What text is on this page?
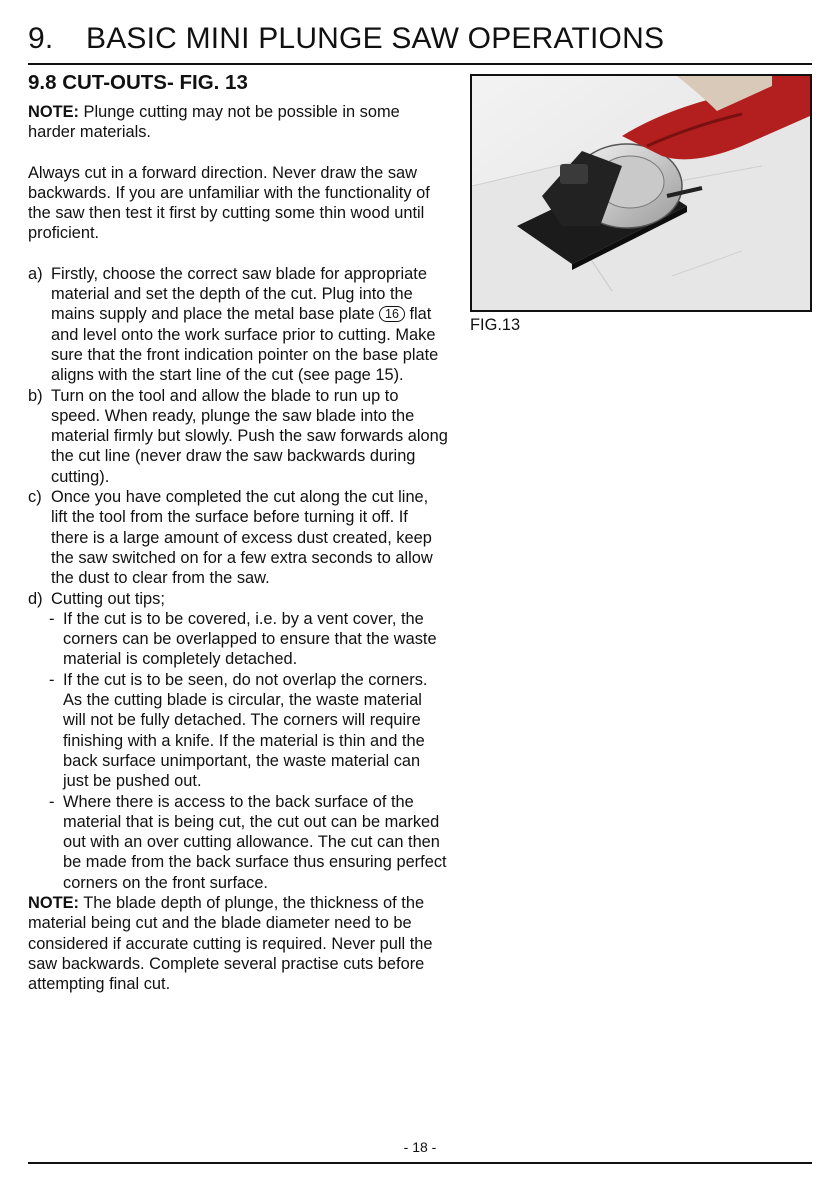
9. BASIC MINI PLUNGE SAW OPERATIONS
9.8 CUT-OUTS- FIG. 13

NOTE: Plunge cutting may not be possible in some harder materials.

Always cut in a forward direction. Never draw the saw backwards. If you are unfamiliar with the functionality of the saw then test it first by cutting some thin wood until proficient.

a) Firstly, choose the correct saw blade for appropriate material and set the depth of the cut. Plug into the mains supply and place the metal base plate 16 flat and level onto the work surface prior to cutting. Make sure that the front indication pointer on the base plate aligns with the start line of the cut (see page 15).
b) Turn on the tool and allow the blade to run up to speed. When ready, plunge the saw blade into the material firmly but slowly. Push the saw forwards along the cut line (never draw the saw backwards during cutting).
c) Once you have completed the cut along the cut line, lift the tool from the surface before turning it off. If there is a large amount of excess dust created, keep the saw switched on for a few extra seconds to allow the dust to clear from the saw.
d) Cutting out tips;
- If the cut is to be covered, i.e. by a vent cover, the corners can be overlapped to ensure that the waste material is completely detached.
- If the cut is to be seen, do not overlap the corners. As the cutting blade is circular, the waste material will not be fully detached. The corners will require finishing with a knife. If the material is thin and the back surface unimportant, the waste material can just be pushed out.
- Where there is access to the back surface of the material that is being cut, the cut out can be marked out with an over cutting allowance. The cut can then be made from the back surface thus ensuring perfect corners on the front surface.

NOTE: The blade depth of plunge, the thickness of the material being cut and the blade diameter need to be considered if accurate cutting is required. Never pull the saw backwards. Complete several practise cuts before attempting final cut.

FIG.13
- 18 -
